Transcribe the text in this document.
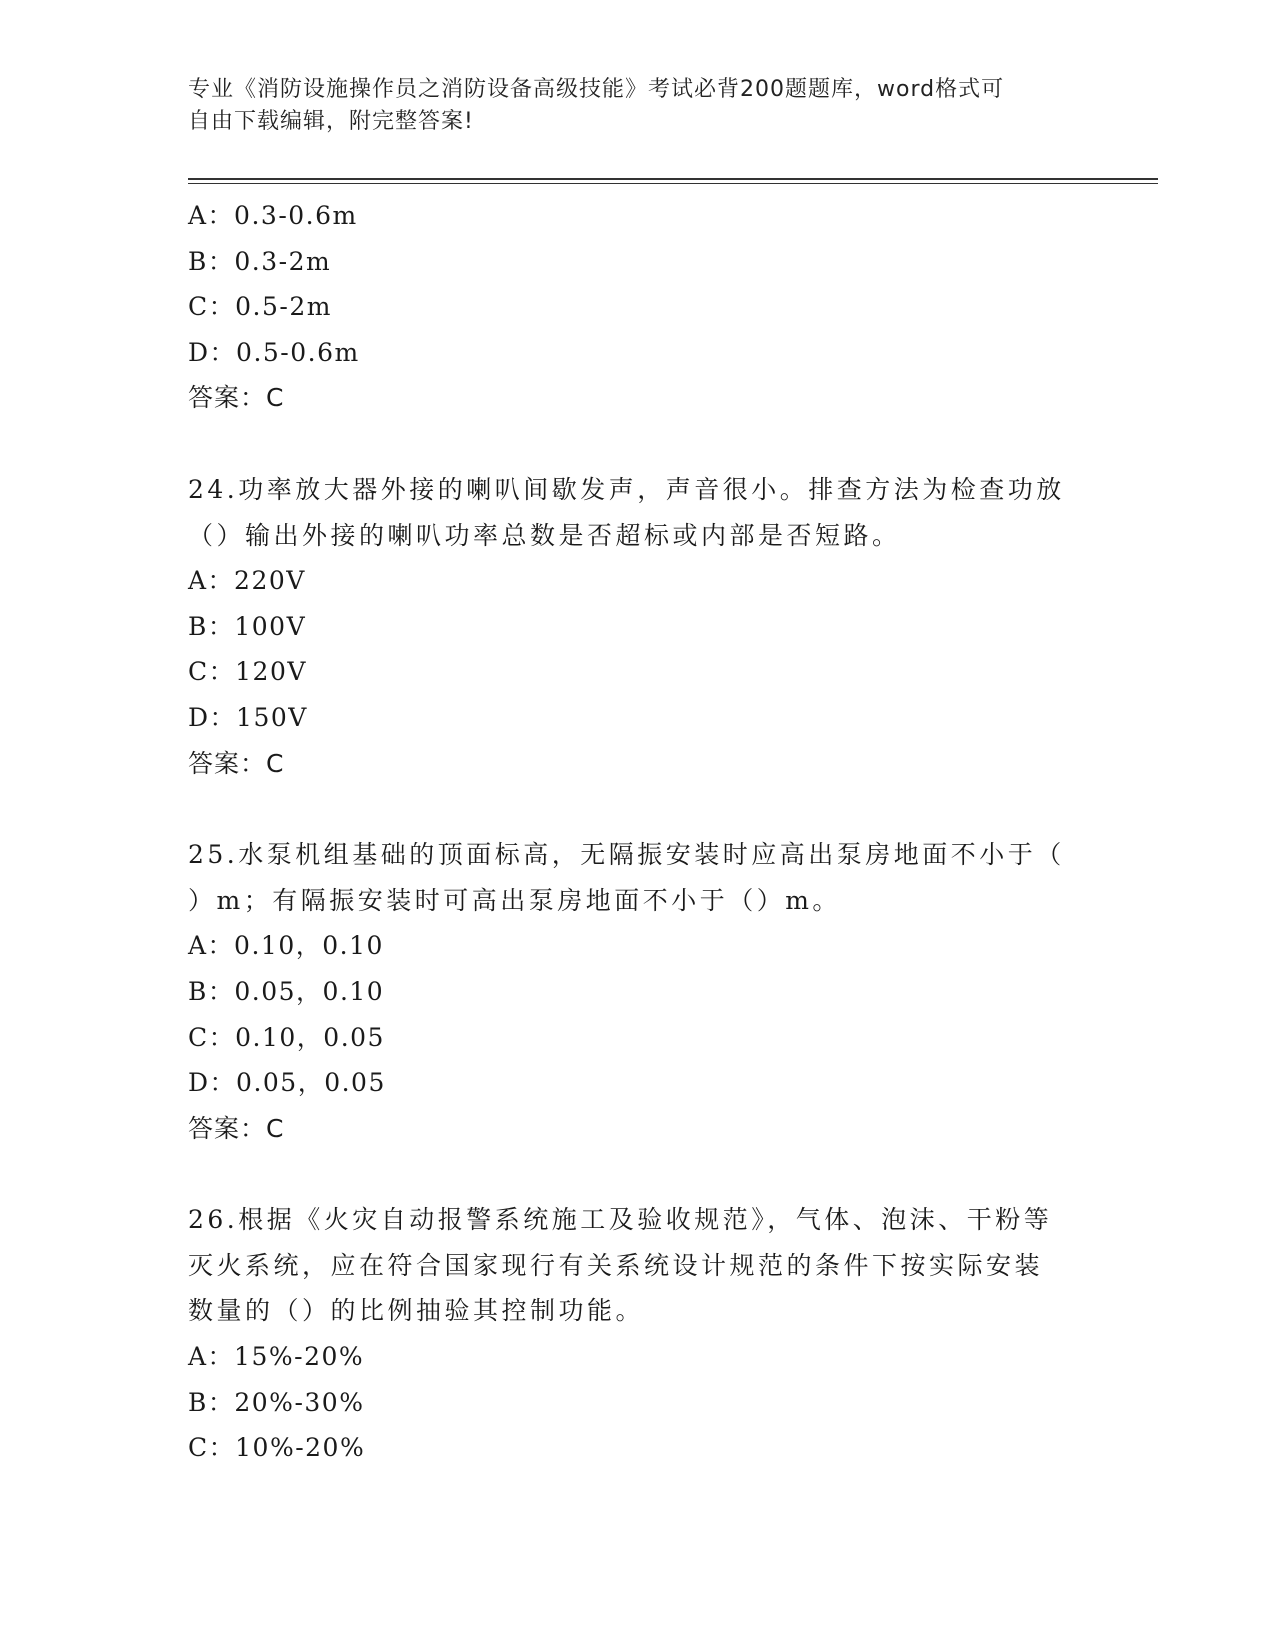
专业《消防设施操作员之消防设备高级技能》考试必背200题题库，word格式可
自由下载编辑，附完整答案!
A：0.3-0.6m
B：0.3-2m
C：0.5-2m
D：0.5-0.6m
答案：C
24.功率放大器外接的喇叭间歇发声，声音很小。排查方法为检查功放
（）输出外接的喇叭功率总数是否超标或内部是否短路。
A：220V
B：100V
C：120V
D：150V
答案：C
25.水泵机组基础的顶面标高，无隔振安装时应高出泵房地面不小于（
）m；有隔振安装时可高出泵房地面不小于（）m。
A：0.10，0.10
B：0.05，0.10
C：0.10，0.05
D：0.05，0.05
答案：C
26.根据《火灾自动报警系统施工及验收规范》，气体、泡沫、干粉等
灭火系统，应在符合国家现行有关系统设计规范的条件下按实际安装
数量的（）的比例抽验其控制功能。
A：15%-20%
B：20%-30%
C：10%-20%
